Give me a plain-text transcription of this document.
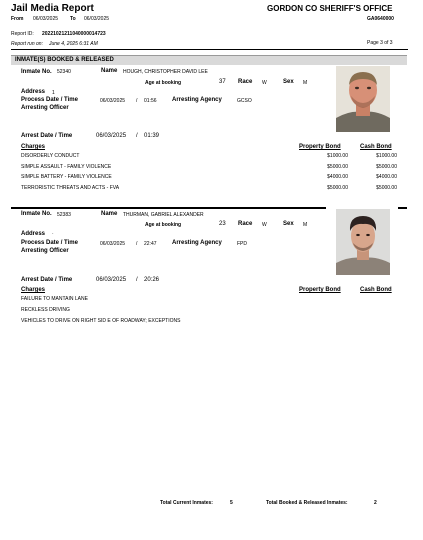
Jail Media Report	GORDON CO SHERIFF'S OFFICE
From 06/03/2025 To 06/03/2025	GA0640000
Report ID: 20221021211040000014723
Report run on: June 4, 2025 6:31 AM	Page 3 of 3
INMATE(S) BOOKED & RELEASED
Inmate No. 52340	Name HOUGH, CHRISTOPHER DAVID LEE
Age at booking	37 Race W	Sex M
Address 1
Process Date / Time	06/03/2025 / 01:56	Arresting Agency	GCSO
Arresting Officer
Arrest Date / Time	06/03/2025 / 01:39
Charges	Property Bond	Cash Bond
DISORDERLY CONDUCT	$1000.00	$1000.00
SIMPLE ASSAULT - FAMILY VIOLENCE	$5000.00	$5000.00
SIMPLE BATTERY - FAMILY VIOLENCE	$4000.00	$4000.00
TERRORISTIC THREATS AND ACTS - FVA	$5000.00	$5000.00
Inmate No. 52383	Name THURMAN, GABRIEL ALEXANDER
Age at booking	23 Race W	Sex M
Address ·
Process Date / Time	06/03/2025 / 22:47	Arresting Agency	FPD
Arresting Officer
Arrest Date / Time	06/03/2025 / 20:26
Charges	Property Bond	Cash Bond
FAILURE TO MANTAIN LANE
RECKLESS DRIVING
VEHICLES TO DRIVE ON RIGHT SID E OF ROADWAY; EXCEPTIONS
Total Current Inmates:	5	Total Booked & Released Inmates:	2
